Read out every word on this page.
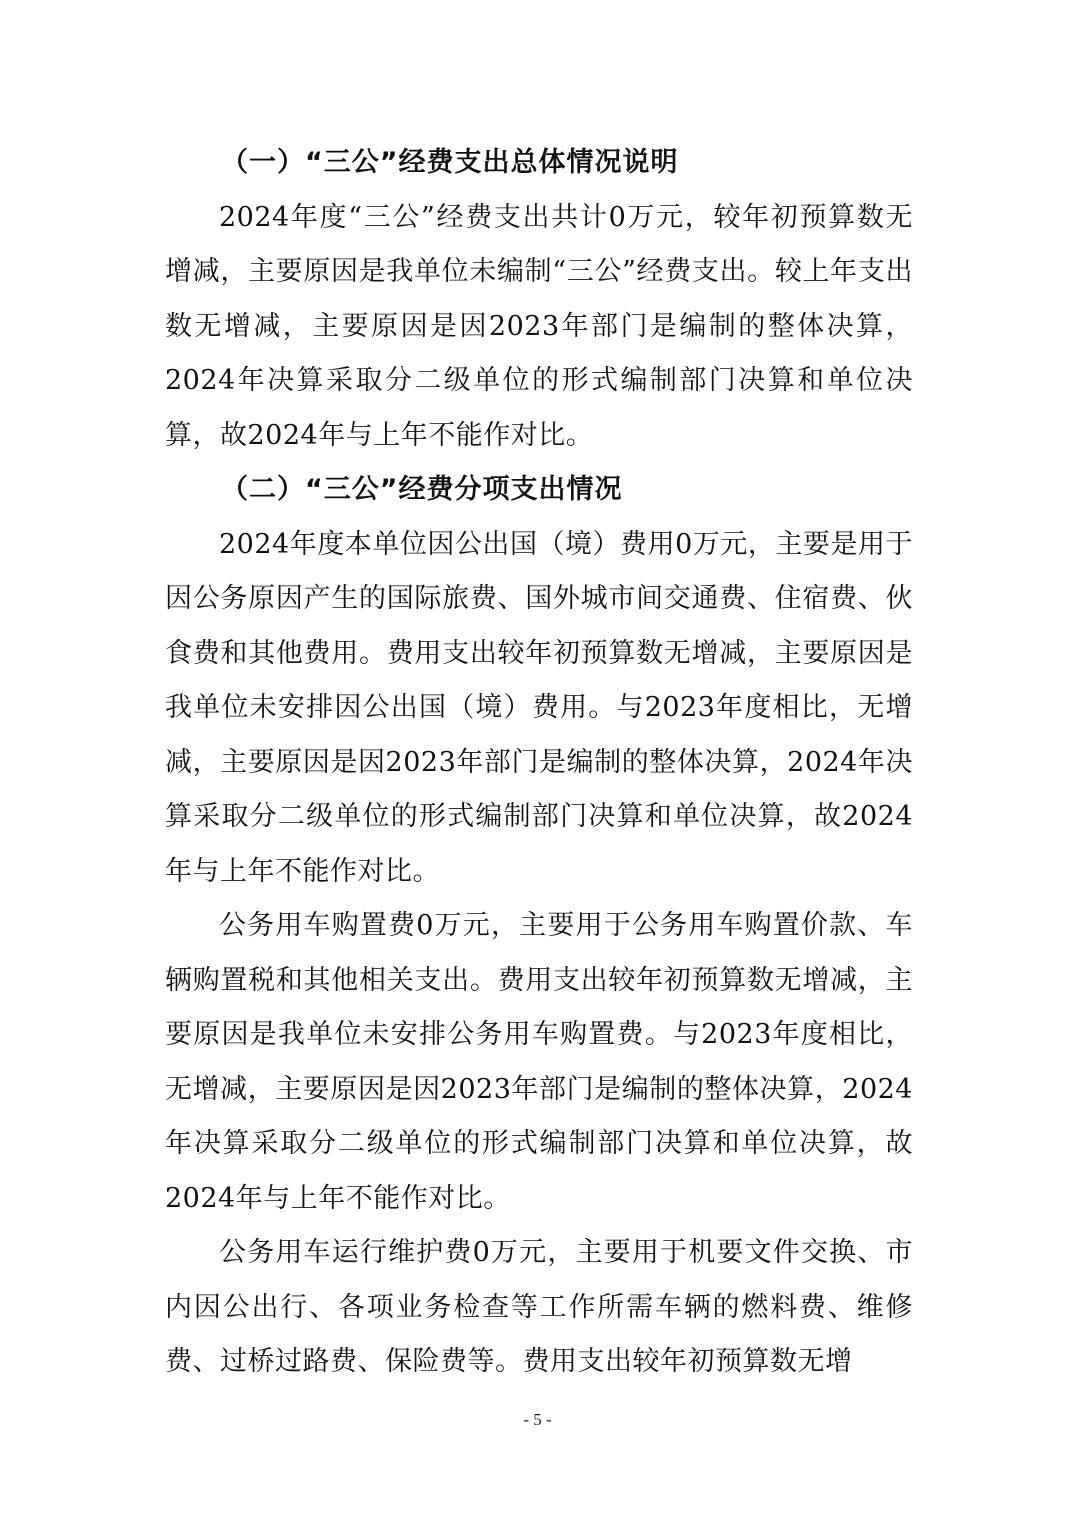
（一）“三公”经费支出总体情况说明

2024年度“三公”经费支出共计0万元，较年初预算数无增减，主要原因是我单位未编制“三公”经费支出。较上年支出数无增减，主要原因是因2023年部门是编制的整体决算，2024年决算采取分二级单位的形式编制部门决算和单位决算，故2024年与上年不能作对比。

（二）“三公”经费分项支出情况

2024年度本单位因公出国（境）费用0万元，主要是用于因公务原因产生的国际旅费、国外城市间交通费、住宿费、伙食费和其他费用。费用支出较年初预算数无增减，主要原因是我单位未安排因公出国（境）费用。与2023年度相比，无增减，主要原因是因2023年部门是编制的整体决算，2024年决算采取分二级单位的形式编制部门决算和单位决算，故2024年与上年不能作对比。

公务用车购置费0万元，主要用于公务用车购置价款、车辆购置税和其他相关支出。费用支出较年初预算数无增减，主要原因是我单位未安排公务用车购置费。与2023年度相比，无增减，主要原因是因2023年部门是编制的整体决算，2024年决算采取分二级单位的形式编制部门决算和单位决算，故2024年与上年不能作对比。

公务用车运行维护费0万元，主要用于机要文件交换、市内因公出行、各项业务检查等工作所需车辆的燃料费、维修费、过桥过路费、保险费等。费用支出较年初预算数无增

- 5 -
